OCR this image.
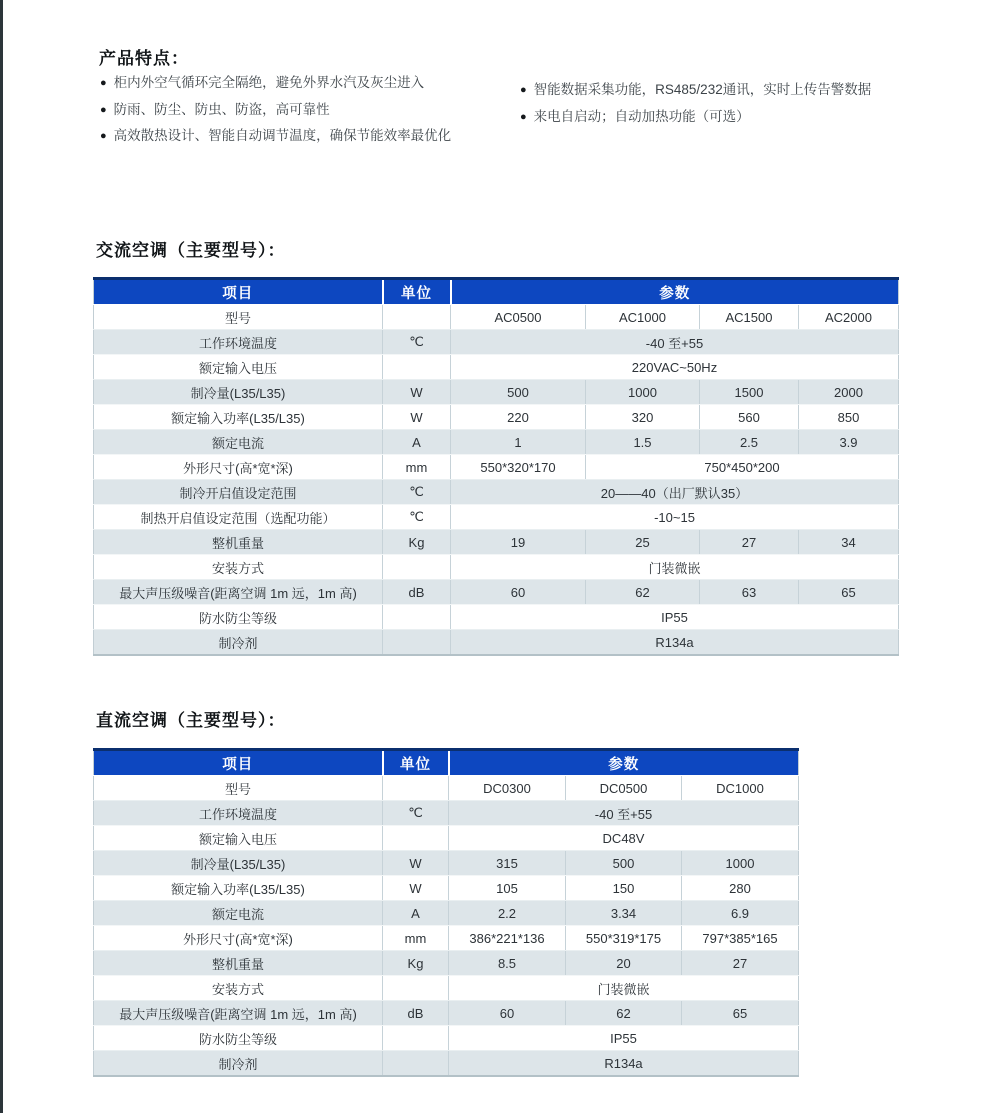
产品特点：
● 柜内外空气循环完全隔绝，避免外界水汽及灰尘进入
● 防雨、防尘、防虫、防盗，高可靠性
● 高效散热设计、智能自动调节温度，确保节能效率最优化
● 智能数据采集功能，RS485/232通讯，实时上传告警数据
● 来电自启动；自动加热功能（可选）
交流空调（主要型号）：
项目	单位	参数			
型号		AC0500	AC1000	AC1500	AC2000
工作环境温度	℃	-40 至+55			
额定输入电压		220VAC~50Hz			
制冷量(L35/L35)	W	500	1000	1500	2000
额定输入功率(L35/L35)	W	220	320	560	850
额定电流	A	1	1.5	2.5	3.9
外形尺寸(高*宽*深)	mm	550*320*170	750*450*200		
制冷开启值设定范围	℃	20——40（出厂默认35）			
制热开启值设定范围（选配功能）	℃	-10~15			
整机重量	Kg	19	25	27	34
安装方式		门装微嵌			
最大声压级噪音(距离空调 1m 远，1m 高)	dB	60	62	63	65
防水防尘等级		IP55			
制冷剂		R134a			
直流空调（主要型号）：
项目	单位	参数		
型号		DC0300	DC0500	DC1000
工作环境温度	℃	-40 至+55		
额定输入电压		DC48V		
制冷量(L35/L35)	W	315	500	1000
额定输入功率(L35/L35)	W	105	150	280
额定电流	A	2.2	3.34	6.9
外形尺寸(高*宽*深)	mm	386*221*136	550*319*175	797*385*165
整机重量	Kg	8.5	20	27
安装方式		门装微嵌		
最大声压级噪音(距离空调 1m 远，1m 高)	dB	60	62	65
防水防尘等级		IP55		
制冷剂		R134a		
